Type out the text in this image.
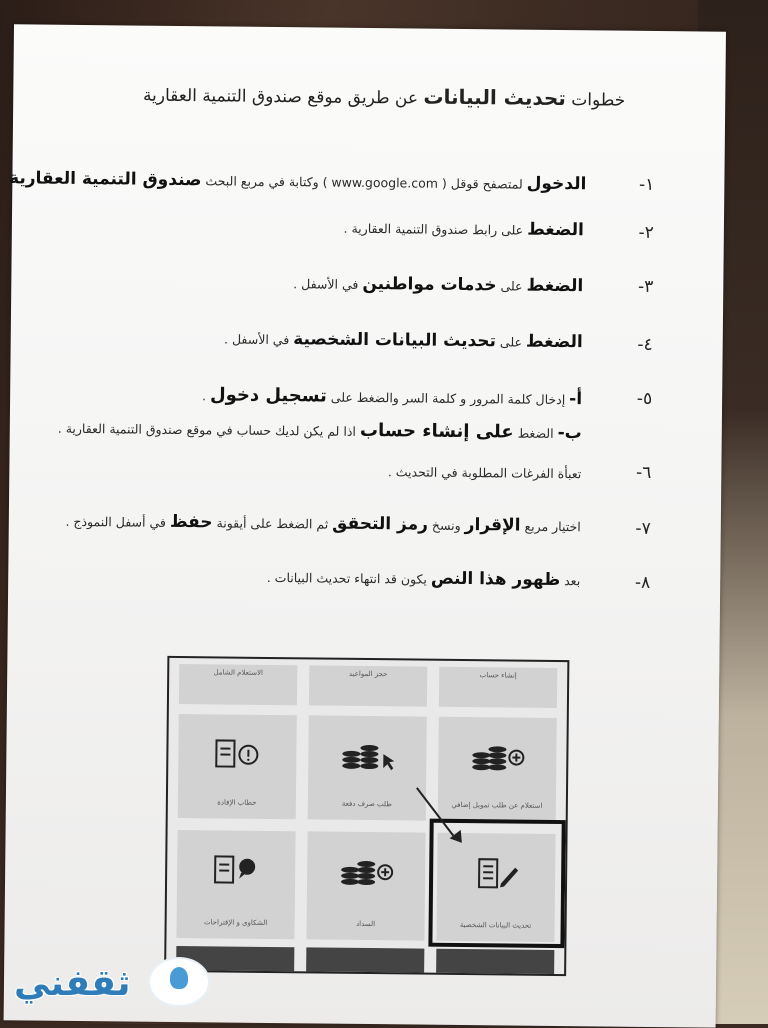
خطوات تحديث البيانات عن طريق موقع صندوق التنمية العقارية
١-
الدخول لمتصفح قوقل ( www.google.com ) وكتابة في مربع البحث صندوق التنمية العقارية
٢-
الضغط على رابط صندوق التنمية العقارية .
٣-
الضغط على خدمات مواطنين في الأسفل .
٤-
الضغط على تحديث البيانات الشخصية في الأسفل .
٥-
أ- إدخال كلمة المرور و كلمة السر والضغط على تسجيل دخول .
ب- الضغط على إنشاء حساب اذا لم يكن لديك حساب في موقع صندوق التنمية العقارية .
٦-
تعبأة الفرغات المطلوبة في التحديث .
٧-
اختيار مربع الإقرار ونسخ رمز التحقق ثم الضغط على أيقونة حفظ في أسفل النموذج .
٨-
بعد ظهور هذا النص يكون قد انتهاء تحديث البيانات .
الاستعلام الشامل	حجز المواعيد	إنشاء حساب
خطاب الإفادة	طلب صرف دفعة	استعلام عن طلب تمويل إضافي
الشكاوى و الإقتراحات	السداد	تحديث البيانات الشخصية
ثقفني
